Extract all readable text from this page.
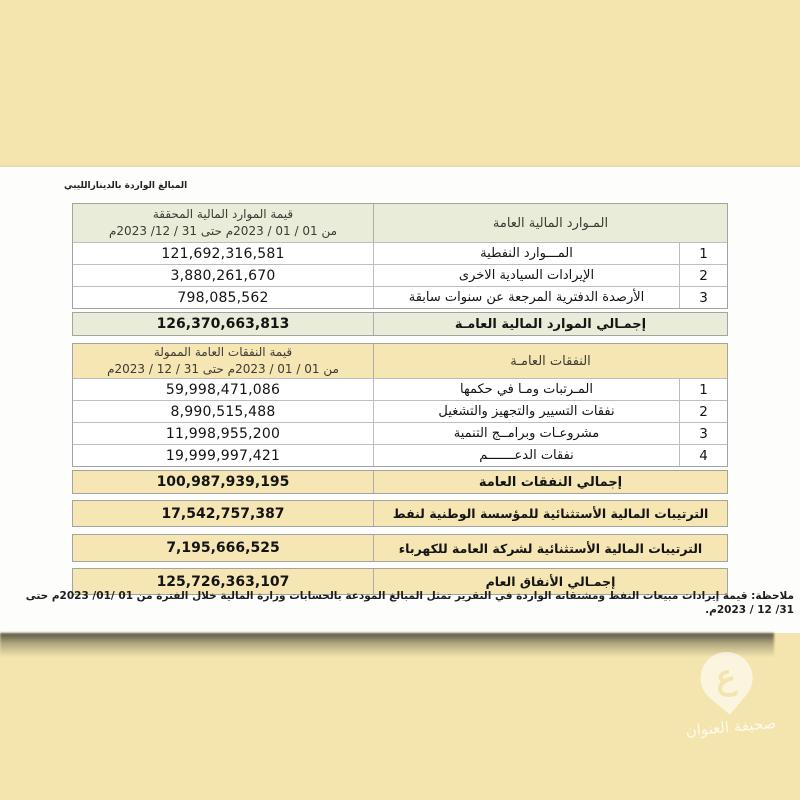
المبالغ الواردة بالدينارالليبي
قيمة الموارد المالية المحققة
من 01 / 01 / 2023م حتى 31 / 12/ 2023م
المـوارد المالية العامة
121,692,316,581	المـــوارد النفطية	1
3,880,261,670	الإيرادات السيادية الاخرى	2
798,085,562	الأرصدة الدفترية المرجعة عن سنوات سابقة	3
126,370,663,813	إجمـالي الموارد المالية العامـة
قيمة النفقات العامة الممولة
من 01 / 01 / 2023م حتى 31 / 12 / 2023م
النفقات العامـة
59,998,471,086	المـرتبات ومـا في حكمها	1
8,990,515,488	نفقات التسيير والتجهيز والتشغيل	2
11,998,955,200	مشروعـات وبرامــج التنمية	3
19,999,997,421	نفقات الدعـــــــم	4
100,987,939,195	إجمالي النفقات العامة
17,542,757,387	الترتيبات المالية الأستثنائية للمؤسسة الوطنية لنفط
7,195,666,525	الترتيبات المالية الأستثنائية لشركة العامة للكهرباء
125,726,363,107	إجمـالي الأنفاق العام
ملاحظة: قيمة إيرادات مبيعات النفط ومشتقاته الواردة في التقرير تمثل المبالغ المودعة بالحسابات وزارة المالية خلال الفترة من 01 /01/ 2023م حتى 31/ 12 / 2023م.
ع
صحيفة العنوان
